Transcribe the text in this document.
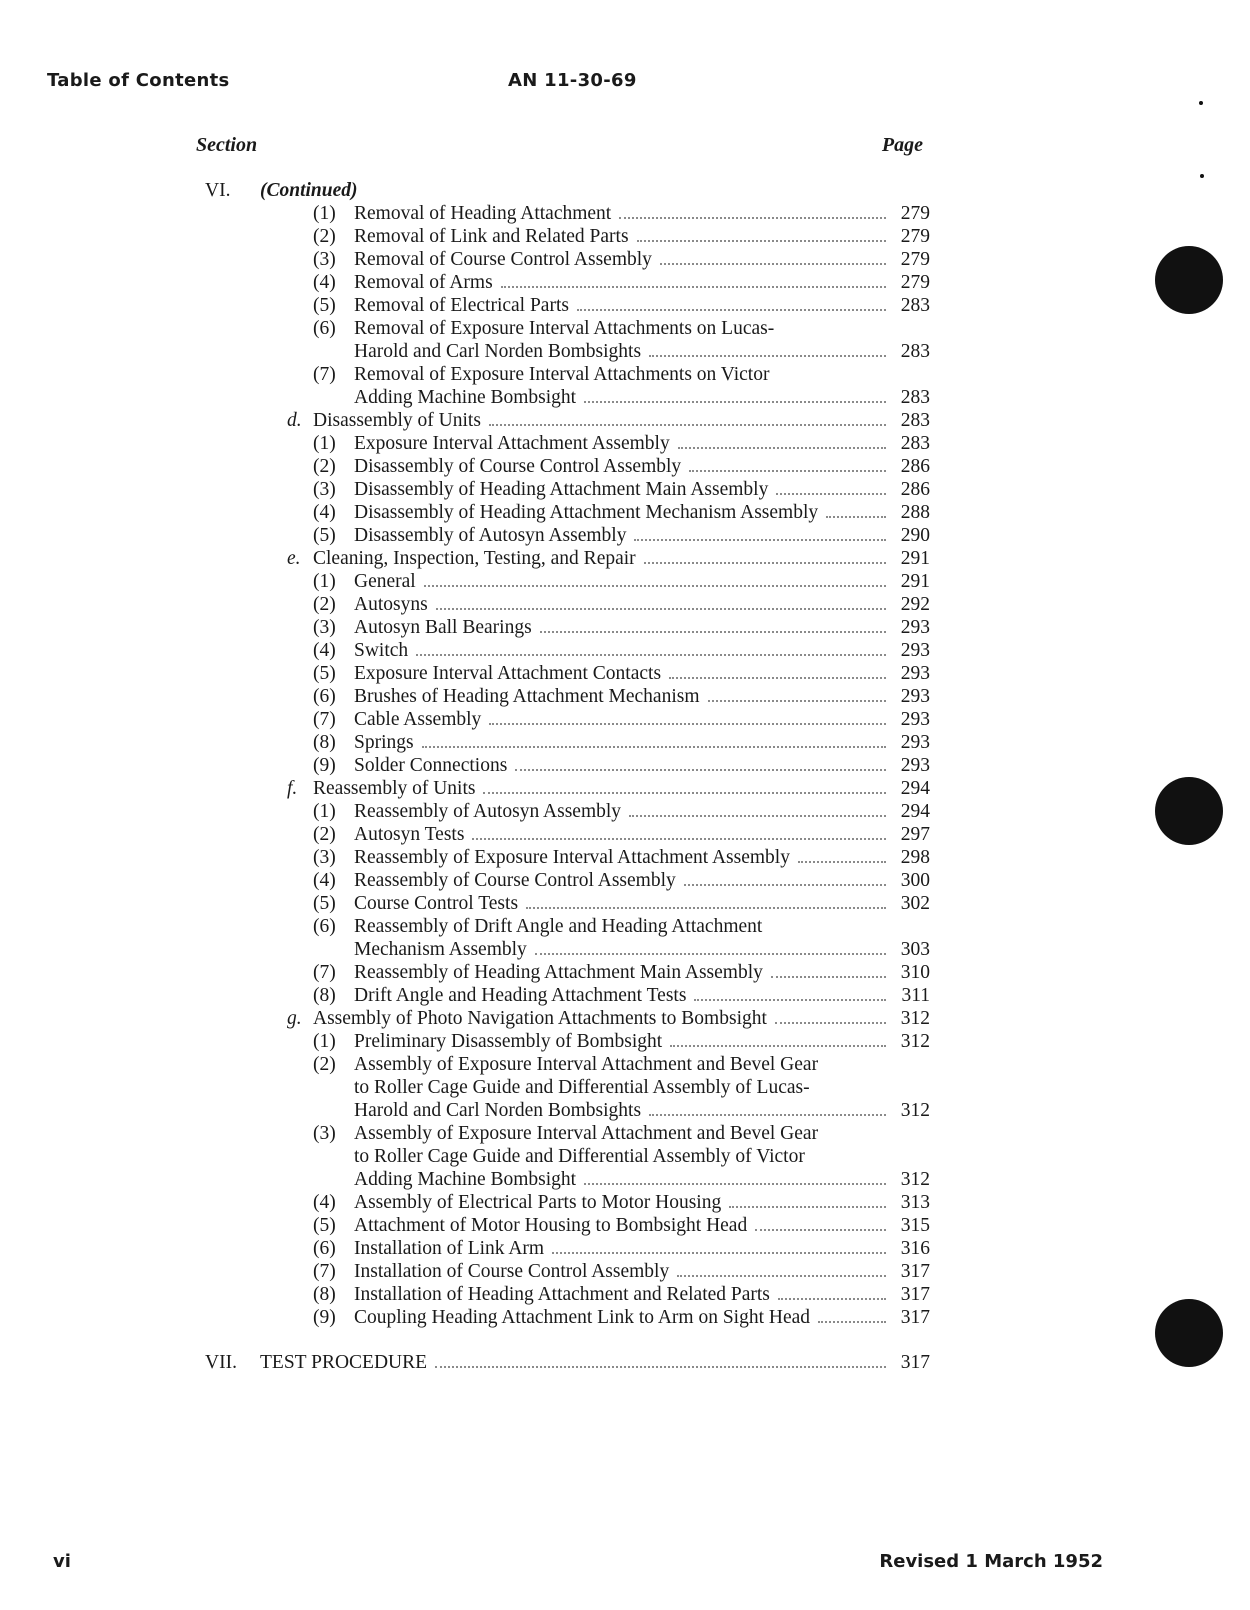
Table of Contents	AN 11-30-69
Section	Page
VI. (Continued)
(1) Removal of Heading Attachment	279
(2) Removal of Link and Related Parts	279
(3) Removal of Course Control Assembly	279
(4) Removal of Arms	279
(5) Removal of Electrical Parts	283
(6) Removal of Exposure Interval Attachments on Lucas-
Harold and Carl Norden Bombsights	283
(7) Removal of Exposure Interval Attachments on Victor
Adding Machine Bombsight	283
d. Disassembly of Units	283
(1) Exposure Interval Attachment Assembly	283
(2) Disassembly of Course Control Assembly	286
(3) Disassembly of Heading Attachment Main Assembly	286
(4) Disassembly of Heading Attachment Mechanism Assembly	288
(5) Disassembly of Autosyn Assembly	290
e. Cleaning, Inspection, Testing, and Repair	291
(1) General	291
(2) Autosyns	292
(3) Autosyn Ball Bearings	293
(4) Switch	293
(5) Exposure Interval Attachment Contacts	293
(6) Brushes of Heading Attachment Mechanism	293
(7) Cable Assembly	293
(8) Springs	293
(9) Solder Connections	293
f. Reassembly of Units	294
(1) Reassembly of Autosyn Assembly	294
(2) Autosyn Tests	297
(3) Reassembly of Exposure Interval Attachment Assembly	298
(4) Reassembly of Course Control Assembly	300
(5) Course Control Tests	302
(6) Reassembly of Drift Angle and Heading Attachment
Mechanism Assembly	303
(7) Reassembly of Heading Attachment Main Assembly	310
(8) Drift Angle and Heading Attachment Tests	311
g. Assembly of Photo Navigation Attachments to Bombsight	312
(1) Preliminary Disassembly of Bombsight	312
(2) Assembly of Exposure Interval Attachment and Bevel Gear
to Roller Cage Guide and Differential Assembly of Lucas-
Harold and Carl Norden Bombsights	312
(3) Assembly of Exposure Interval Attachment and Bevel Gear
to Roller Cage Guide and Differential Assembly of Victor
Adding Machine Bombsight	312
(4) Assembly of Electrical Parts to Motor Housing	313
(5) Attachment of Motor Housing to Bombsight Head	315
(6) Installation of Link Arm	316
(7) Installation of Course Control Assembly	317
(8) Installation of Heading Attachment and Related Parts	317
(9) Coupling Heading Attachment Link to Arm on Sight Head	317
VII. TEST PROCEDURE	317
vi	Revised 1 March 1952
